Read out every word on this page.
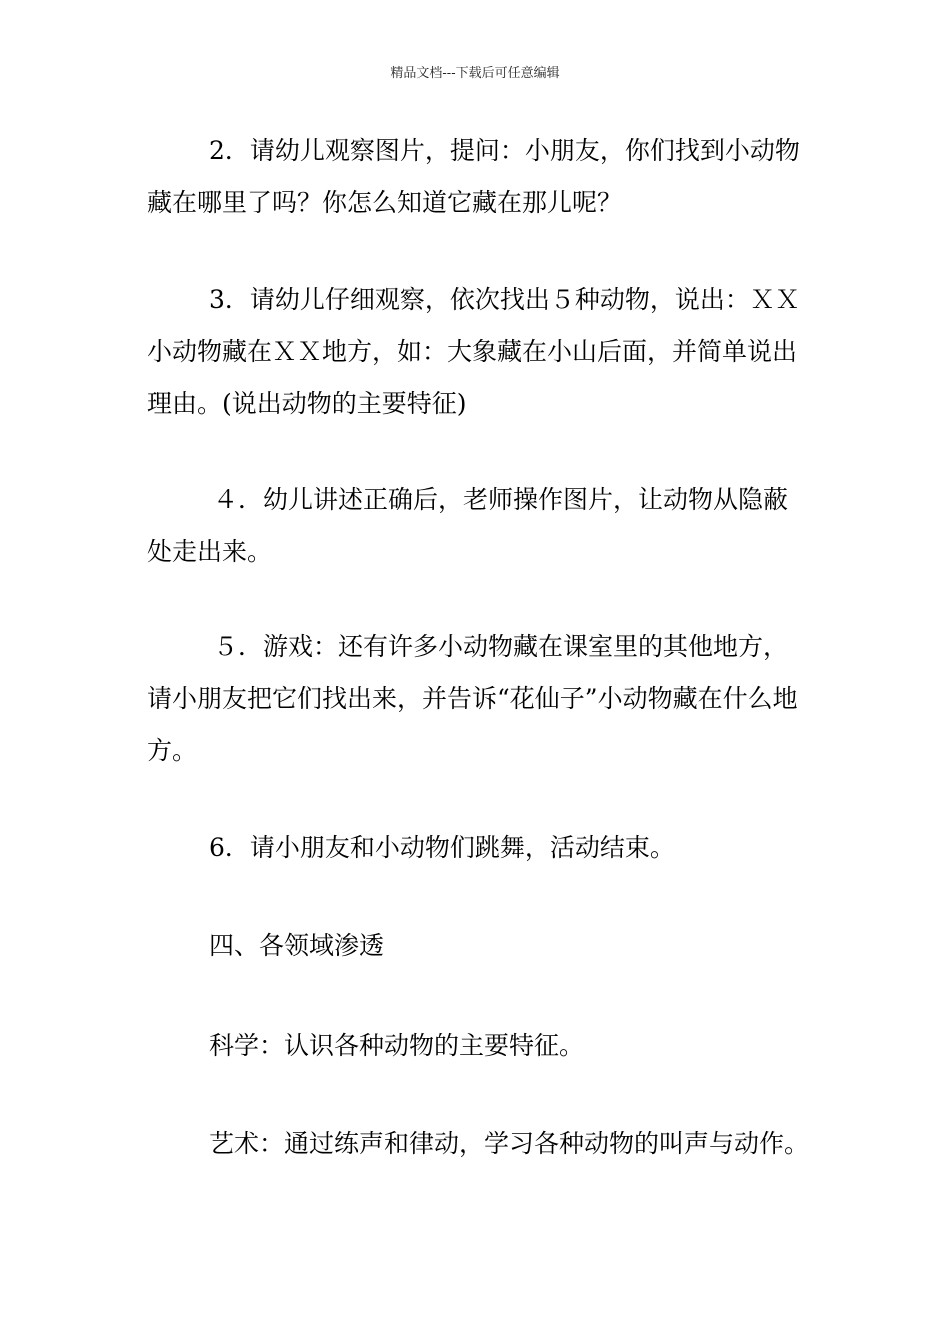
精品文档---下载后可任意编辑

2．请幼儿观察图片，提问：小朋友，你们找到小动物藏在哪里了吗？你怎么知道它藏在那儿呢？

3．请幼儿仔细观察，依次找出５种动物，说出：ＸＸ小动物藏在ＸＸ地方，如：大象藏在小山后面，并简单说出理由。(说出动物的主要特征)

４．幼儿讲述正确后，老师操作图片，让动物从隐蔽处走出来。

５．游戏：还有许多小动物藏在课室里的其他地方，请小朋友把它们找出来，并告诉“花仙子”小动物藏在什么地方。

6．请小朋友和小动物们跳舞，活动结束。

四、各领域渗透

科学：认识各种动物的主要特征。

艺术：通过练声和律动，学习各种动物的叫声与动作。
